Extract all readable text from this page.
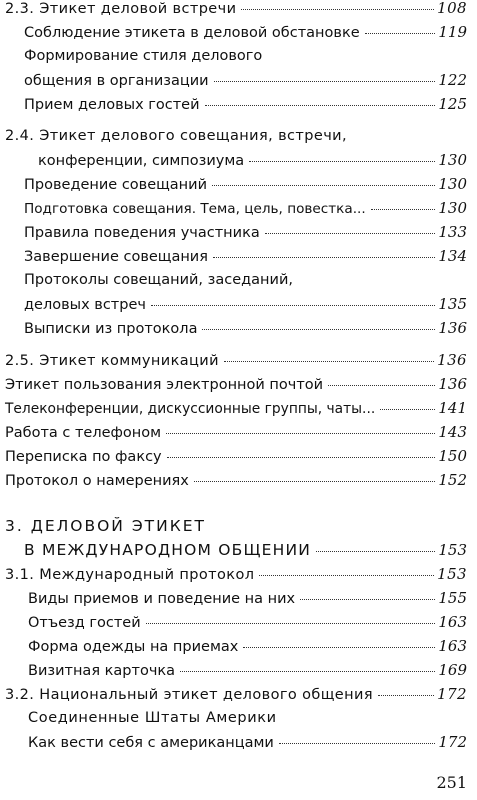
2.3. Этикет деловой встречи	108
Соблюдение этикета в деловой обстановке	119
Формирование стиля делового
общения в организации	122
Прием деловых гостей	125
2.4. Этикет делового совещания, встречи,
конференции, симпозиума	130
Проведение совещаний	130
Подготовка совещания. Тема, цель, повестка...	130
Правила поведения участника	133
Завершение совещания	134
Протоколы совещаний, заседаний,
деловых встреч	135
Выписки из протокола	136
2.5. Этикет коммуникаций	136
Этикет пользования электронной почтой	136
Телеконференции, дискуссионные группы, чаты...	141
Работа с телефоном	143
Переписка по факсу	150
Протокол о намерениях	152
3. ДЕЛОВОЙ ЭТИКЕТ
В МЕЖДУНАРОДНОМ ОБЩЕНИИ	153
3.1. Международный протокол	153
Виды приемов и поведение на них	155
Отъезд гостей	163
Форма одежды на приемах	163
Визитная карточка	169
3.2. Национальный этикет делового общения	172
Соединенные Штаты Америки
Как вести себя с американцами	172
251
